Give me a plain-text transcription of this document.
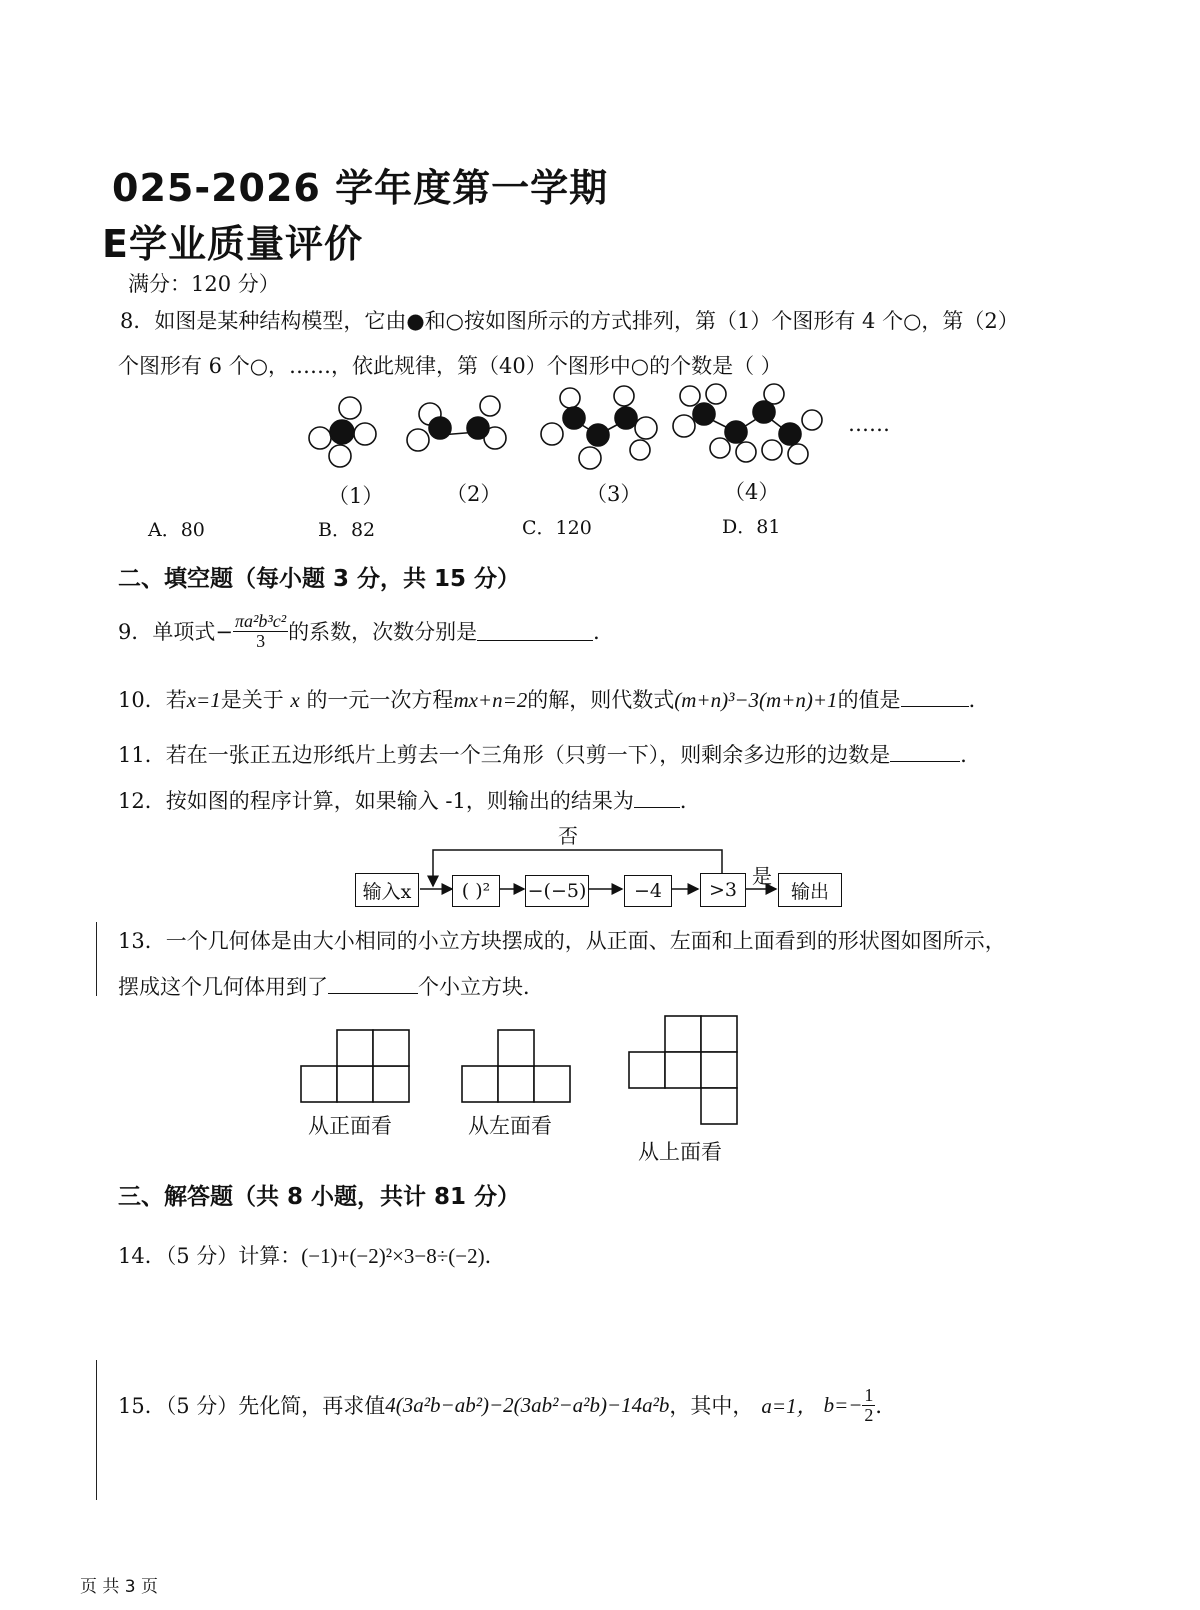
025-2026 学年度第一学期
E学业质量评价
满分：120 分）
8．如图是某种结构模型，它由●和○按如图所示的方式排列，第（1）个图形有 4 个○，第（2）
个图形有 6 个○，……，依此规律，第（40）个图形中○的个数是（ ）
……
（1）	（2）	（3）	（4）
A．80	B．82	C．120	D．81
二、填空题（每小题 3 分，共 15 分）
9．单项式− $\frac{\text{πa²b³c²}}{3}$ 的系数，次数分别是	．
10．若x=1是关于 x 的一元一次方程mx+n=2的解，则代数式(m+n)³−3(m+n)+1的值是	．
11．若在一张正五边形纸片上剪去一个三角形（只剪一下），则剩余多边形的边数是	．
12．按如图的程序计算，如果输入 -1，则输出的结果为 ．
否
是
输入x	( )²	−(−5)	−4	>3	输出
13．一个几何体是由大小相同的小立方块摆成的，从正面、左面和上面看到的形状图如图所示，
摆成这个几何体用到了	个小立方块．
从正面看	从左面看
从上面看
三、解答题（共 8 小题，共计 81 分）
14．（5 分）计算：(−1)+(−2)²×3−8÷(−2)．
15．（5 分）先化简，再求值 4(3a²b−ab²)−2(3ab²−a²b)−14a²b ，其中， a=1， $b=- \frac{1}{2}$ ．
页 共 3 页
